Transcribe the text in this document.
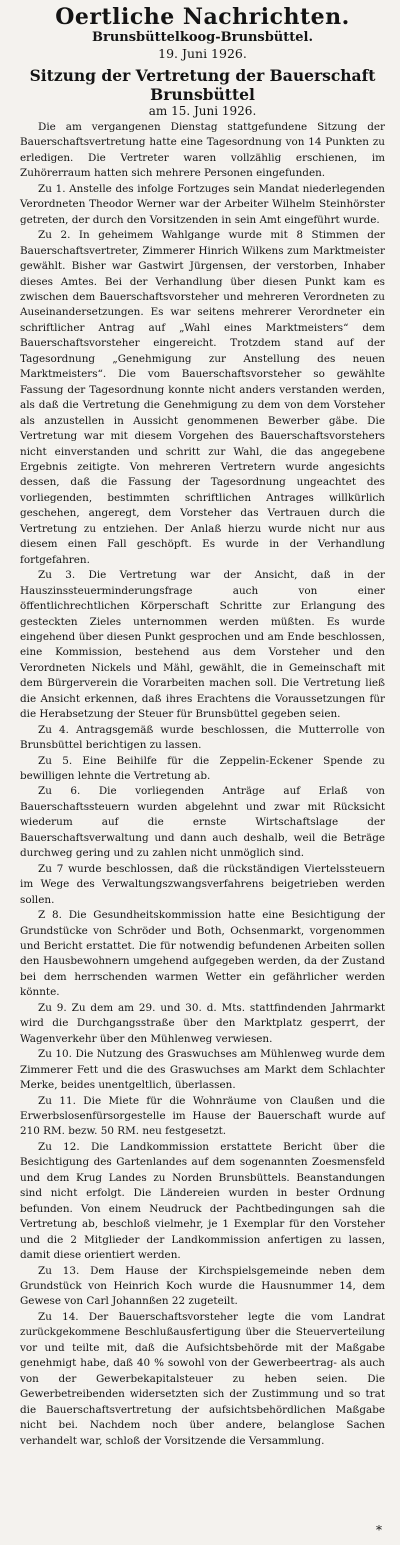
Oertliche Nachrichten.
Brunsbüttelkoog-Brunsbüttel.
19. Juni 1926.
Sitzung der Vertretung der Bauerschaft Brunsbüttel
am 15. Juni 1926.

Die am vergangenen Dienstag stattgefundene Sitzung der Bauerschaftsvertretung hatte eine Tagesordnung von 14 Punkten zu erledigen. Die Vertreter waren vollzählig erschienen, im Zuhörerraum hatten sich mehrere Personen eingefunden.

Zu 1. Anstelle des infolge Fortzuges sein Mandat niederlegenden Verordneten Theodor Werner war der Arbeiter Wilhelm Steinhörster getreten, der durch den Vorsitzenden in sein Amt eingeführt wurde.

Zu 2. In geheimem Wahlgange wurde mit 8 Stimmen der Bauerschaftsvertreter, Zimmerer Hinrich Wilkens zum Marktmeister gewählt. Bisher war Gastwirt Jürgensen, der verstorben, Inhaber dieses Amtes. Bei der Verhandlung über diesen Punkt kam es zwischen dem Bauerschaftsvorsteher und mehreren Verordneten zu Auseinandersetzungen. Es war seitens mehrerer Verordneter ein schriftlicher Antrag auf „Wahl eines Marktmeisters“ dem Bauerschaftsvorsteher eingereicht. Trotzdem stand auf der Tagesordnung „Genehmigung zur Anstellung des neuen Marktmeisters“. Die vom Bauerschaftsvorsteher so gewählte Fassung der Tagesordnung konnte nicht anders verstanden werden, als daß die Vertretung die Genehmigung zu dem von dem Vorsteher als anzustellen in Aussicht genommenen Bewerber gäbe. Die Vertretung war mit diesem Vorgehen des Bauerschaftsvorstehers nicht einverstanden und schritt zur Wahl, die das angegebene Ergebnis zeitigte. Von mehreren Vertretern wurde angesichts dessen, daß die Fassung der Tagesordnung ungeachtet des vorliegenden, bestimmten schriftlichen Antrages willkürlich geschehen, angeregt, dem Vorsteher das Vertrauen durch die Vertretung zu entziehen. Der Anlaß hierzu wurde nicht nur aus diesem einen Fall geschöpft. Es wurde in der Verhandlung fortgefahren.

Zu 3. Die Vertretung war der Ansicht, daß in der Hauszinssteuerminderungsfrage auch von einer öffentlichrechtlichen Körperschaft Schritte zur Erlangung des gesteckten Zieles unternommen werden müßten. Es wurde eingehend über diesen Punkt gesprochen und am Ende beschlossen, eine Kommission, bestehend aus dem Vorsteher und den Verordneten Nickels und Mähl, gewählt, die in Gemeinschaft mit dem Bürgerverein die Vorarbeiten machen soll. Die Vertretung ließ die Ansicht erkennen, daß ihres Erachtens die Voraussetzungen für die Herabsetzung der Steuer für Brunsbüttel gegeben seien.

Zu 4. Antragsgemäß wurde beschlossen, die Mutterrolle von Brunsbüttel berichtigen zu lassen.

Zu 5. Eine Beihilfe für die Zeppelin-Eckener Spende zu bewilligen lehnte die Vertretung ab.

Zu 6. Die vorliegenden Anträge auf Erlaß von Bauerschaftssteuern wurden abgelehnt und zwar mit Rücksicht wiederum auf die ernste Wirtschaftslage der Bauerschaftsverwaltung und dann auch deshalb, weil die Beträge durchweg gering und zu zahlen nicht unmöglich sind.

Zu 7 wurde beschlossen, daß die rückständigen Viertelssteuern im Wege des Verwaltungszwangsverfahrens beigetrieben werden sollen.

Z 8. Die Gesundheitskommission hatte eine Besichtigung der Grundstücke von Schröder und Both, Ochsenmarkt, vorgenommen und Bericht erstattet. Die für notwendig befundenen Arbeiten sollen den Hausbewohnern umgehend aufgegeben werden, da der Zustand bei dem herrschenden warmen Wetter ein gefährlicher werden könnte.

Zu 9. Zu dem am 29. und 30. d. Mts. stattfindenden Jahrmarkt wird die Durchgangsstraße über den Marktplatz gesperrt, der Wagenverkehr über den Mühlenweg verwiesen.

Zu 10. Die Nutzung des Graswuchses am Mühlenweg wurde dem Zimmerer Fett und die des Graswuchses am Markt dem Schlachter Merke, beides unentgeltlich, überlassen.

Zu 11. Die Miete für die Wohnräume von Claußen und die Erwerbslosenfürsorgestelle im Hause der Bauerschaft wurde auf 210 RM. bezw. 50 RM. neu festgesetzt.

Zu 12. Die Landkommission erstattete Bericht über die Besichtigung des Gartenlandes auf dem sogenannten Zoesmensfeld und dem Krug Landes zu Norden Brunsbüttels. Beanstandungen sind nicht erfolgt. Die Ländereien wurden in bester Ordnung befunden. Von einem Neudruck der Pachtbedingungen sah die Vertretung ab, beschloß vielmehr, je 1 Exemplar für den Vorsteher und die 2 Mitglieder der Landkommission anfertigen zu lassen, damit diese orientiert werden.

Zu 13. Dem Hause der Kirchspielsgemeinde neben dem Grundstück von Heinrich Koch wurde die Hausnummer 14, dem Gewese von Carl Johannßen 22 zugeteilt.

Zu 14. Der Bauerschaftsvorsteher legte die vom Landrat zurückgekommene Beschlußausfertigung über die Steuerverteilung vor und teilte mit, daß die Aufsichtsbehörde mit der Maßgabe genehmigt habe, daß 40 % sowohl von der Gewerbeertrag- als auch von der Gewerbekapitalsteuer zu heben seien. Die Gewerbetreibenden widersetzten sich der Zustimmung und so trat die Bauerschaftsvertretung der aufsichtsbehördlichen Maßgabe nicht bei. Nachdem noch über andere, belanglose Sachen verhandelt war, schloß der Vorsitzende die Versammlung.

*
